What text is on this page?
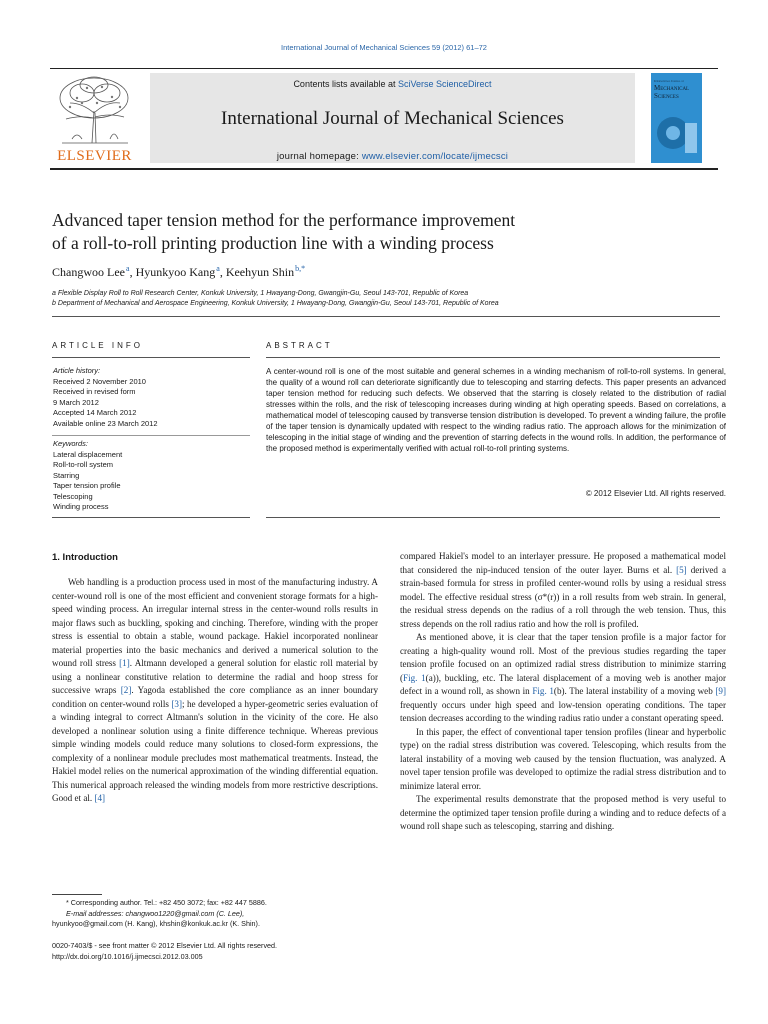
International Journal of Mechanical Sciences 59 (2012) 61–72
ELSEVIER
Contents lists available at SciVerse ScienceDirect
International Journal of Mechanical Sciences
journal homepage: www.elsevier.com/locate/ijmecsci
International Journal of
Mechanical
Sciences
Advanced taper tension method for the performance improvement
of a roll-to-roll printing production line with a winding process
Changwoo Lee $^a$, Hyunkyoo Kang $^a$, Keehyun Shin $^{b,*}$
a Flexible Display Roll to Roll Research Center, Konkuk University, 1 Hwayang-Dong, Gwangjin-Gu, Seoul 143-701, Republic of Korea
b Department of Mechanical and Aerospace Engineering, Konkuk University, 1 Hwayang-Dong, Gwangjin-Gu, Seoul 143-701, Republic of Korea
ARTICLE INFO	ABSTRACT
Article history:
Received 2 November 2010
Received in revised form
9 March 2012
Accepted 14 March 2012
Available online 23 March 2012
Keywords:
Lateral displacement
Roll-to-roll system
Starring
Taper tension profile
Telescoping
Winding process
A center-wound roll is one of the most suitable and general schemes in a winding mechanism of roll-to-roll systems. In general, the quality of a wound roll can deteriorate significantly due to telescoping and starring defects. This paper presents an advanced taper tension method for reducing such defects. We observed that the starring is closely related to the distribution of radial stresses within the rolls, and the risk of telescoping increases during winding at high operating speeds. Based on correlations, a mathematical model of telescoping caused by transverse tension distribution is developed. To prevent a winding failure, the profile of the taper tension is dynamically updated with respect to the winding radius ratio. The approach allows for the minimization of telescoping in the initial stage of winding and the prevention of starring defects in the wound rolls. In addition, the performance of the proposed method is experimentally verified with actual roll-to-roll printing systems.
© 2012 Elsevier Ltd. All rights reserved.
1. Introduction

Web handling is a production process used in most of the manufacturing industry. A center-wound roll is one of the most efficient and convenient storage formats for a high-speed winding process. An irregular internal stress in the center-wound rolls results in major flaws such as buckling, spoking and cinching. Therefore, winding with the proper stress is essential to obtain a stable, wound package. Hakiel incorporated nonlinear material properties into the basic mechanics and derived a numerical solution to the wound roll stress [1]. Altmann developed a general solution for elastic roll material by using a nonlinear constitutive relation to determine the radial and hoop stress for successive wraps [2]. Yagoda established the core compliance as an inner boundary condition on center-wound rolls [3]; he developed a hyper-geometric series evaluation of a winding integral to correct Altmann's solution in the vicinity of the core. He also developed a nonlinear solution using a finite difference technique. Whereas previous simple winding models could reduce many solutions to closed-form expressions, the complexity of a nonlinear module precludes most mathematical treatments. Instead, the Hakiel model relies on the numerical approximation of the winding differential equation. This numerical approach released the winding models from more restrictive descriptions. Good et al. [4]

compared Hakiel's model to an interlayer pressure. He proposed a mathematical model that considered the nip-induced tension of the outer layer. Burns et al. [5] derived a strain-based formula for stress in profiled center-wound rolls by using a residual stress model. The effective residual stress (σ*(r)) in a roll results from web strain. In general, the residual stress depends on the radius of a roll through the web tension. Thus, this stress depends on the roll radius ratio and how the roll is profiled.

As mentioned above, it is clear that the taper tension profile is a major factor for creating a high-quality wound roll. Most of the previous studies regarding the taper tension profile focused on an optimized radial stress distribution to minimize starring (Fig. 1(a)), buckling, etc. The lateral displacement of a moving web is another major defect in a wound roll, as shown in Fig. 1(b). The lateral instability of a moving web [9] frequently occurs under high speed and low-tension operating conditions. The taper tension decreases according to the winding radius ratio under a constant operating speed.

In this paper, the effect of conventional taper tension profiles (linear and hyperbolic type) on the radial stress distribution was covered. Telescoping, which results from the lateral instability of a moving web caused by the tension fluctuation, was analyzed. A novel taper tension profile was developed to optimize the radial stress distribution and to minimize lateral error.

The experimental results demonstrate that the proposed method is very useful to determine the optimized taper tension profile during a winding and to reduce defects of a wound roll shape such as telescoping, starring and dishing.

* Corresponding author. Tel.: +82 450 3072; fax: +82 447 5886.
E-mail addresses: changwoo1220@gmail.com (C. Lee),
hyunkyoo@gmail.com (H. Kang), khshin@konkuk.ac.kr (K. Shin).
0020-7403/$ - see front matter © 2012 Elsevier Ltd. All rights reserved.
http://dx.doi.org/10.1016/j.ijmecsci.2012.03.005
